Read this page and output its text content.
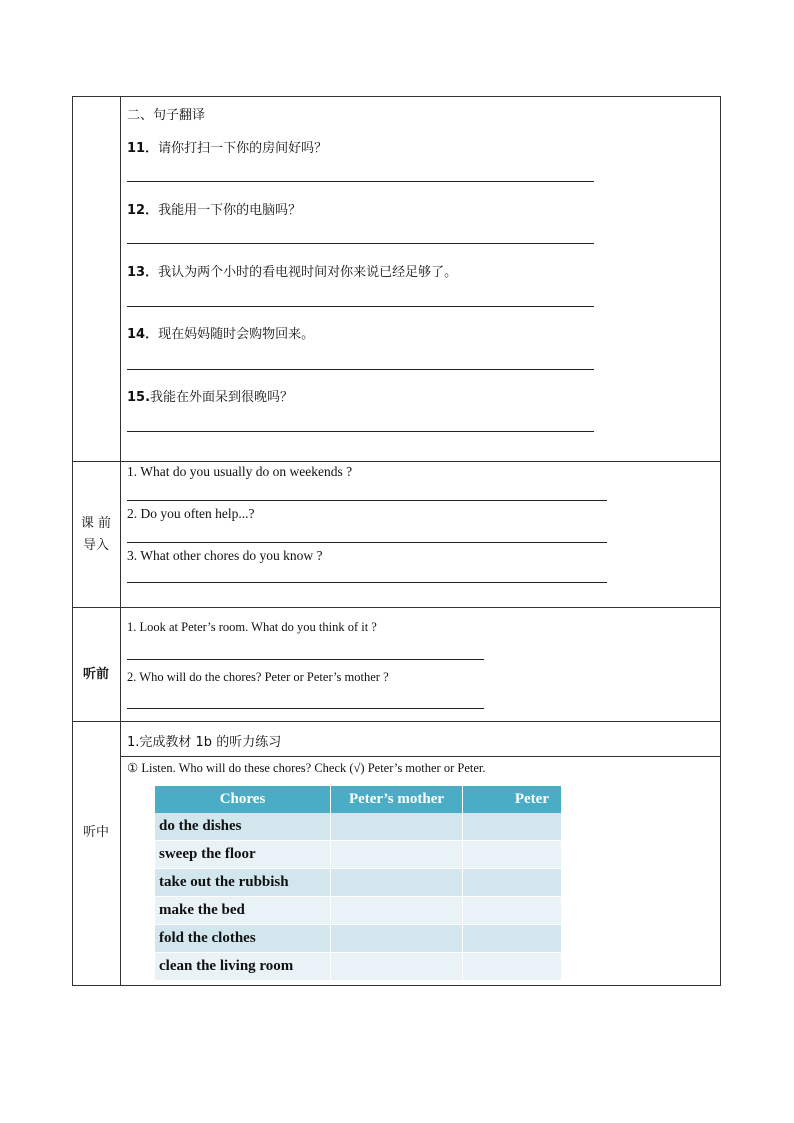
二、句子翻译
11．请你打扫一下你的房间好吗？
12．我能用一下你的电脑吗？
13．我认为两个小时的看电视时间对你来说已经足够了。
14．现在妈妈随时会购物回来。
15.我能在外面呆到很晚吗？
课 前
导入
1. What do you usually do on weekends ?
2. Do you often help...?
3. What other chores do you know ?
听前
1. Look at Peter’s room. What do you think of it ?
2. Who will do the chores? Peter or Peter’s mother ?
听中
1.完成教材 1b 的听力练习
① Listen. Who will do these chores? Check (√) Peter’s mother or Peter.
Chores	Peter’s mother	Peter
do the dishes		
sweep the floor		
take out the rubbish		
make the bed		
fold the clothes		
clean the living room		
